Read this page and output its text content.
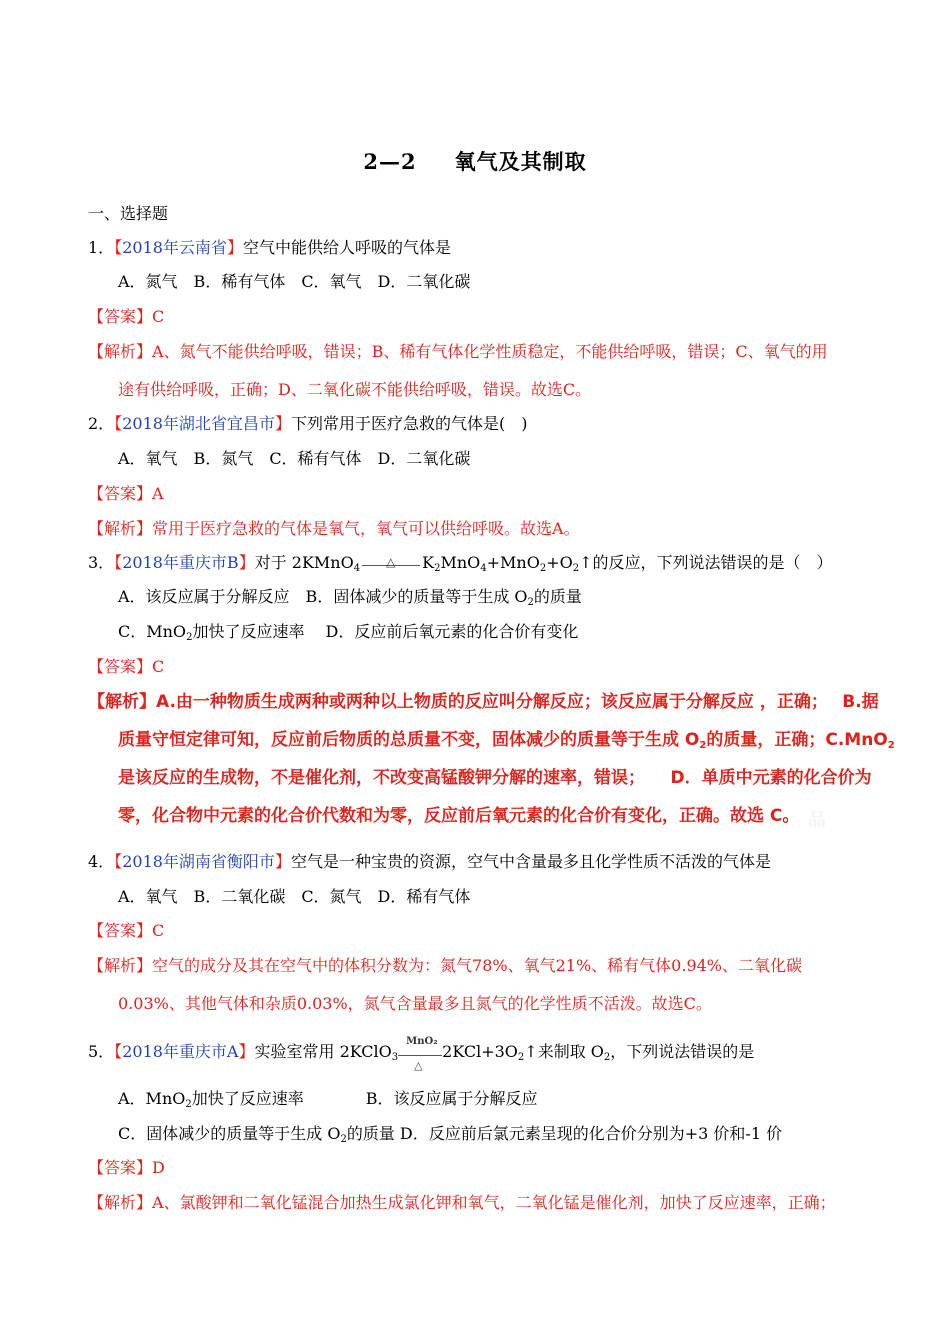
2—2 氧气及其制取
一、选择题
1．【2018年云南省】空气中能供给人呼吸的气体是
A．氮气　B．稀有气体　C．氧气　D．二氧化碳
【答案】C
【解析】A、氮气不能供给呼吸，错误；B、稀有气体化学性质稳定，不能供给呼吸，错误；C、氧气的用
途有供给呼吸，正确；D、二氧化碳不能供给呼吸，错误。故选C。
2．【2018年湖北省宜昌市】下列常用于医疗急救的气体是(　)
A．氧气　B．氮气　C．稀有气体　D．二氧化碳
【答案】A
【解析】常用于医疗急救的气体是氧气，氧气可以供给呼吸。故选A。
3．【2018年重庆市B】对于 2KMnO$_4$ △ $K_2MnO_4+MnO_2+O_2↑$的反应，下列说法错误的是（　）
A．该反应属于分解反应　B．固体减少的质量等于生成 $O_2$的质量
C．MnO$_2$加快了反应速率　 D．反应前后氧元素的化合价有变化
【答案】C
【解析】A.由一种物质生成两种或两种以上物质的反应叫分解反应；该反应属于分解反应 ，正确；　 B.据
质量守恒定律可知，反应前后物质的总质量不变，固体减少的质量等于生成 $O_2$的质量，正确；C.MnO$_2$
是该反应的生成物，不是催化剂，不改变高锰酸钾分解的速率，错误；　　D．单质中元素的化合价为
零，化合物中元素的化合价代数和为零，反应前后氧元素的化合价有变化，正确。故选 C。 品
4．【2018年湖南省衡阳市】空气是一种宝贵的资源，空气中含量最多且化学性质不活泼的气体是
A．氧气　B．二氧化碳　C．氮气　D．稀有气体
【答案】C
【解析】空气的成分及其在空气中的体积分数为：氮气78%、氧气21%、稀有气体0.94%、二氧化碳
0.03%、其他气体和杂质0.03%，氮气含量最多且氮气的化学性质不活泼。故选C。
5．【2018年重庆市A】实验室常用 2KClO$_3$
MnO₂
△
$2KCl+3O_2↑$来制取 $O_2$，下列说法错误的是
A．MnO$_2$加快了反应速率	B．该反应属于分解反应
C．固体减少的质量等于生成 $O_2$的质量 D．反应前后氯元素呈现的化合价分别为+3 价和-1 价
【答案】D
【解析】A、氯酸钾和二氧化锰混合加热生成氯化钾和氧气，二氧化锰是催化剂，加快了反应速率，正确；
